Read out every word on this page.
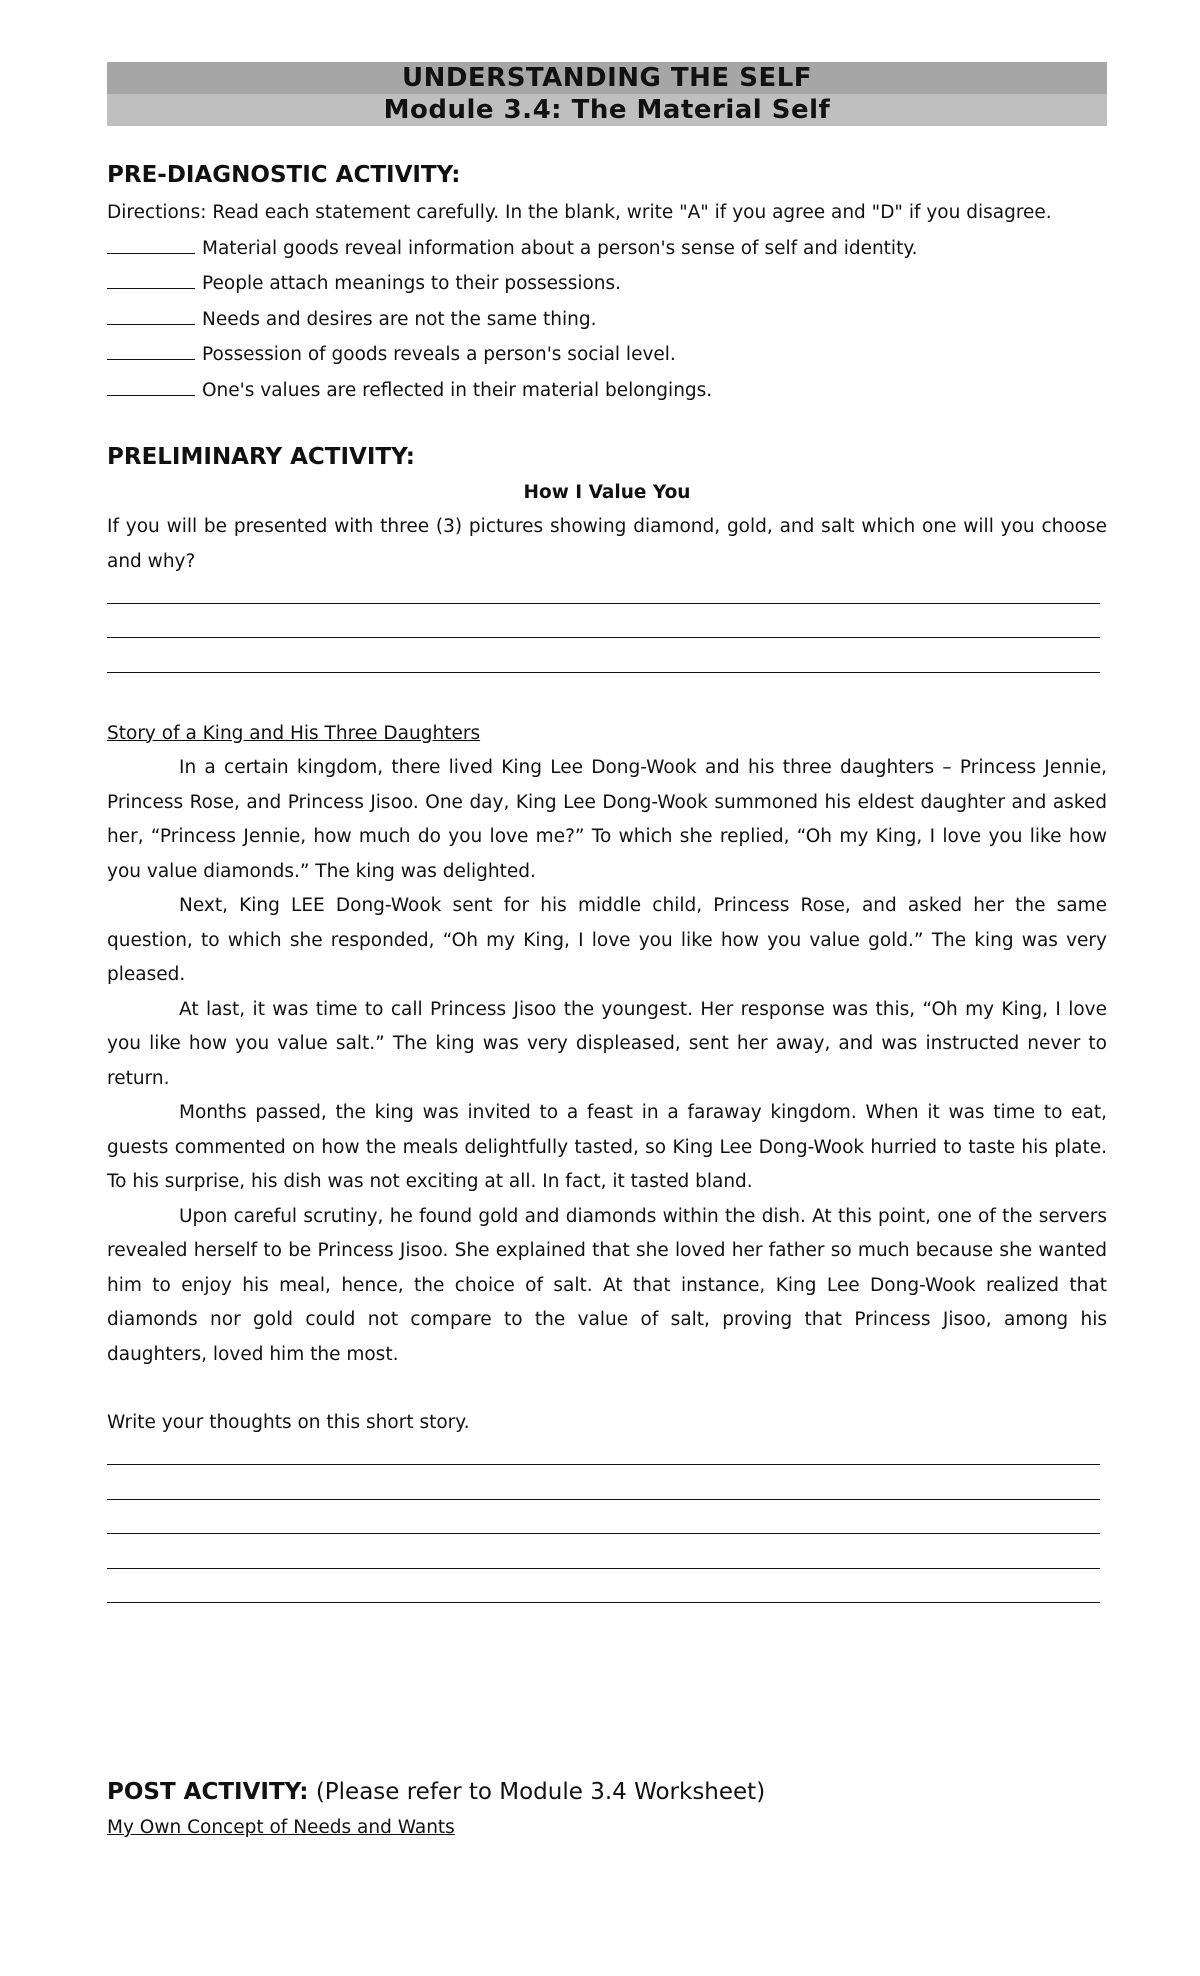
UNDERSTANDING THE SELF
Module 3.4: The Material Self
PRE-DIAGNOSTIC ACTIVITY:
Directions: Read each statement carefully. In the blank, write "A" if you agree and "D" if you disagree.
Material goods reveal information about a person's sense of self and identity.
People attach meanings to their possessions.
Needs and desires are not the same thing.
Possession of goods reveals a person's social level.
One's values are reflected in their material belongings.
PRELIMINARY ACTIVITY:
How I Value You
If you will be presented with three (3) pictures showing diamond, gold, and salt which one will you choose and why?
Story of a King and His Three Daughters
In a certain kingdom, there lived King Lee Dong-Wook and his three daughters – Princess Jennie, Princess Rose, and Princess Jisoo. One day, King Lee Dong-Wook summoned his eldest daughter and asked her, “Princess Jennie, how much do you love me?” To which she replied, “Oh my King, I love you like how you value diamonds.” The king was delighted.
Next, King LEE Dong-Wook sent for his middle child, Princess Rose, and asked her the same question, to which she responded, “Oh my King, I love you like how you value gold.” The king was very pleased.
At last, it was time to call Princess Jisoo the youngest. Her response was this, “Oh my King, I love you like how you value salt.” The king was very displeased, sent her away, and was instructed never to return.
Months passed, the king was invited to a feast in a faraway kingdom. When it was time to eat, guests commented on how the meals delightfully tasted, so King Lee Dong-Wook hurried to taste his plate. To his surprise, his dish was not exciting at all. In fact, it tasted bland.
Upon careful scrutiny, he found gold and diamonds within the dish. At this point, one of the servers revealed herself to be Princess Jisoo. She explained that she loved her father so much because she wanted him to enjoy his meal, hence, the choice of salt. At that instance, King Lee Dong-Wook realized that diamonds nor gold could not compare to the value of salt, proving that Princess Jisoo, among his daughters, loved him the most.
Write your thoughts on this short story.
POST ACTIVITY: (Please refer to Module 3.4 Worksheet)
My Own Concept of Needs and Wants
